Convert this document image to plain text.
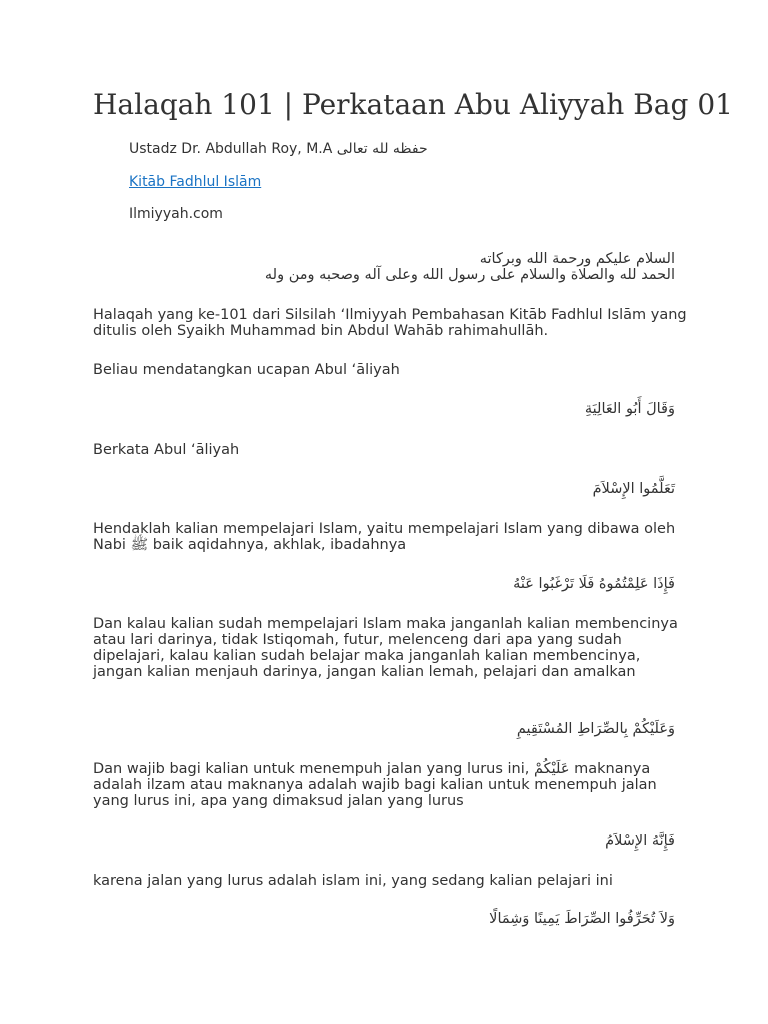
Halaqah 101 | Perkataan Abu Aliyyah Bag 01
Ustadz Dr. Abdullah Roy, M.A حفظه لله تعالى
Kitāb Fadhlul Islām
Ilmiyyah.com

السلام عليكم ورحمة الله وبركاته

الحمد لله والصلاة والسلام على رسول الله وعلى آله وصحبه ومن وله

Halaqah yang ke-101 dari Silsilah ‘Ilmiyyah Pembahasan Kitāb Fadhlul Islām yang ditulis oleh Syaikh Muhammad bin Abdul Wahāb rahimahullāh.

Beliau mendatangkan ucapan Abul ‘āliyah

وَقَالَ أَبُو العَالِيَةِ

Berkata Abul ‘āliyah

تَعَلَّمُوا الإِسْلاَمَ

Hendaklah kalian mempelajari Islam, yaitu mempelajari Islam yang dibawa oleh Nabi ﷺ baik aqidahnya, akhlak, ibadahnya

فَإِذَا عَلِمْتُمُوهُ فَلَا تَرْغَبُوا عَنْهُ

Dan kalau kalian sudah mempelajari Islam maka janganlah kalian membencinya atau lari darinya, tidak Istiqomah, futur, melenceng dari apa yang sudah dipelajari, kalau kalian sudah belajar maka janganlah kalian membencinya, jangan kalian menjauh darinya, jangan kalian lemah, pelajari dan amalkan

وَعَلَيْكُمْ بِالصِّرَاطِ المُسْتَقِيمِ

Dan wajib bagi kalian untuk menempuh jalan yang lurus ini, عَلَيْكُمْ maknanya adalah ilzam atau maknanya adalah wajib bagi kalian untuk menempuh jalan yang lurus ini, apa yang dimaksud jalan yang lurus

فَإِنَّهُ الإِسْلاَمُ

karena jalan yang lurus adalah islam ini, yang sedang kalian pelajari ini

وَلاَ تُحَرِّفُوا الصِّرَاطَ يَمِينًا وَشِمَالًا
